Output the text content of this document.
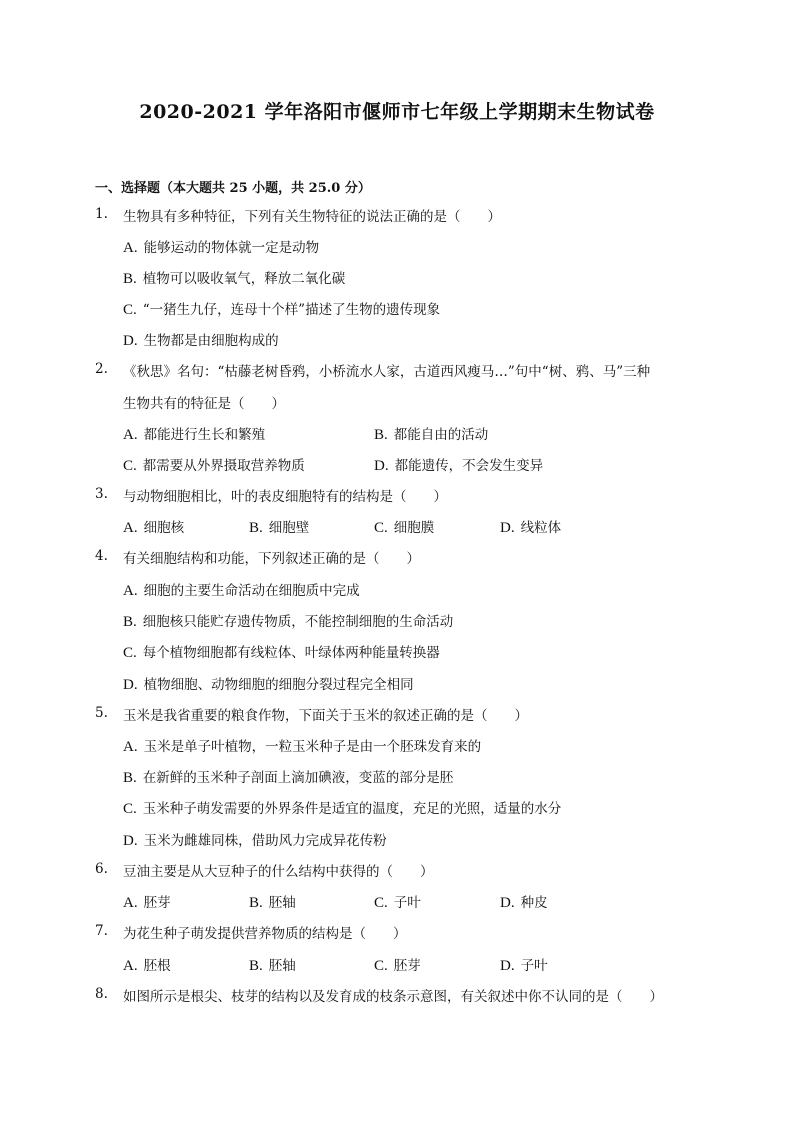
2020-2021 学年洛阳市偃师市七年级上学期期末生物试卷
一、选择题（本大题共 25 小题，共 25.0 分）
1. 生物具有多种特征，下列有关生物特征的说法正确的是（　　）
A. 能够运动的物体就一定是动物
B. 植物可以吸收氧气，释放二氧化碳
C. “一猪生九仔，连母十个样”描述了生物的遗传现象
D. 生物都是由细胞构成的
2. 《秋思》名句：“枯藤老树昏鸦，小桥流水人家，古道西风瘦马…”句中“树、鸦、马”三种
生物共有的特征是（　　）
A. 都能进行生长和繁殖	B. 都能自由的活动
C. 都需要从外界摄取营养物质	D. 都能遗传，不会发生变异
3. 与动物细胞相比，叶的表皮细胞特有的结构是（　　）
A. 细胞核	B. 细胞壁	C. 细胞膜	D. 线粒体
4. 有关细胞结构和功能，下列叙述正确的是（　　）
A. 细胞的主要生命活动在细胞质中完成
B. 细胞核只能贮存遗传物质，不能控制细胞的生命活动
C. 每个植物细胞都有线粒体、叶绿体两种能量转换器
D. 植物细胞、动物细胞的细胞分裂过程完全相同
5. 玉米是我省重要的粮食作物，下面关于玉米的叙述正确的是（　　）
A. 玉米是单子叶植物，一粒玉米种子是由一个胚珠发育来的
B. 在新鲜的玉米种子剖面上滴加碘液，变蓝的部分是胚
C. 玉米种子萌发需要的外界条件是适宜的温度，充足的光照，适量的水分
D. 玉米为雌雄同株，借助风力完成异花传粉
6. 豆油主要是从大豆种子的什么结构中获得的（　　）
A. 胚芽	B. 胚轴	C. 子叶	D. 种皮
7. 为花生种子萌发提供营养物质的结构是（　　）
A. 胚根	B. 胚轴	C. 胚芽	D. 子叶
8. 如图所示是根尖、枝芽的结构以及发育成的枝条示意图，有关叙述中你不认同的是（　　）
